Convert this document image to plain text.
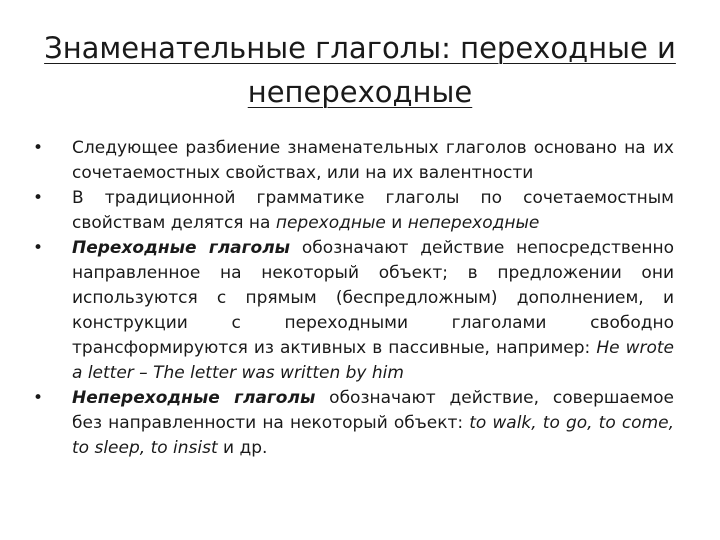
Знаменательные глаголы: переходные и
непереходные
• Следующее разбиение знаменательных глаголов основано на их сочетаемостных свойствах, или на их валентности
• В традиционной грамматике глаголы по сочетаемостным свойствам делятся на переходные и непереходные
• Переходные глаголы обозначают действие непосредственно направленное на некоторый объект; в предложении они используются с прямым (беспредложным) дополнением, и конструкции с переходными глаголами свободно трансформируются из активных в пассивные, например: He wrote a letter – The letter was written by him
• Непереходные глаголы обозначают действие, совершаемое без направленности на некоторый объект: to walk, to go, to come, to sleep, to insist и др.
